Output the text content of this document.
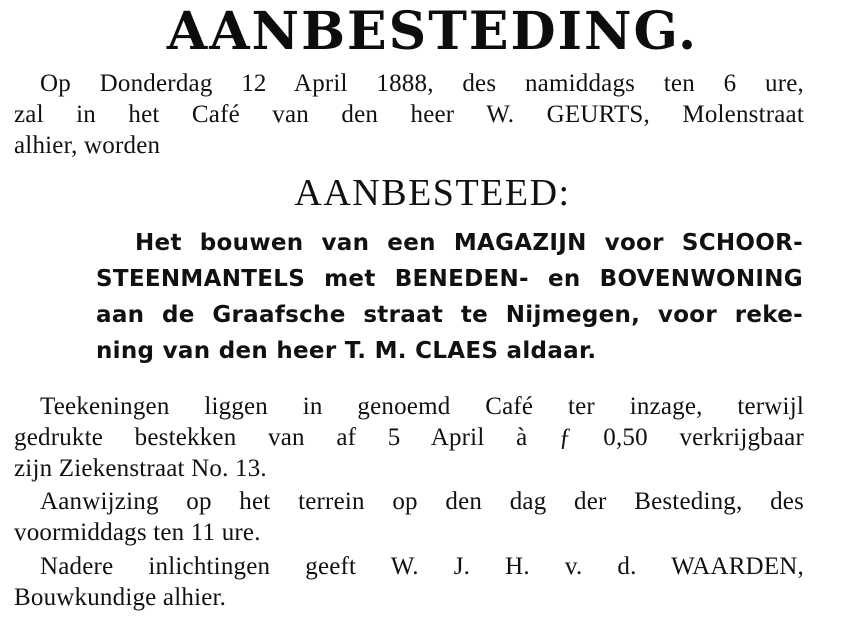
AANBESTEDING.
Op Donderdag 12 April 1888, des namiddags ten 6 ure,
zal in het Café van den heer W. GEURTS, Molenstraat
alhier, worden
AANBESTEED:
Het bouwen van een MAGAZIJN voor SCHOOR-
STEENMANTELS met BENEDEN- en BOVENWONING
aan de Graafsche straat te Nijmegen, voor reke-
ning van den heer T. M. CLAES aldaar.
Teekeningen liggen in genoemd Café ter inzage, terwijl
gedrukte bestekken van af 5 April à ƒ 0,50 verkrijgbaar
zijn Ziekenstraat No. 13.
Aanwijzing op het terrein op den dag der Besteding, des
voormiddags ten 11 ure.
Nadere inlichtingen geeft W. J. H. v. d. WAARDEN,
Bouwkundige alhier.
